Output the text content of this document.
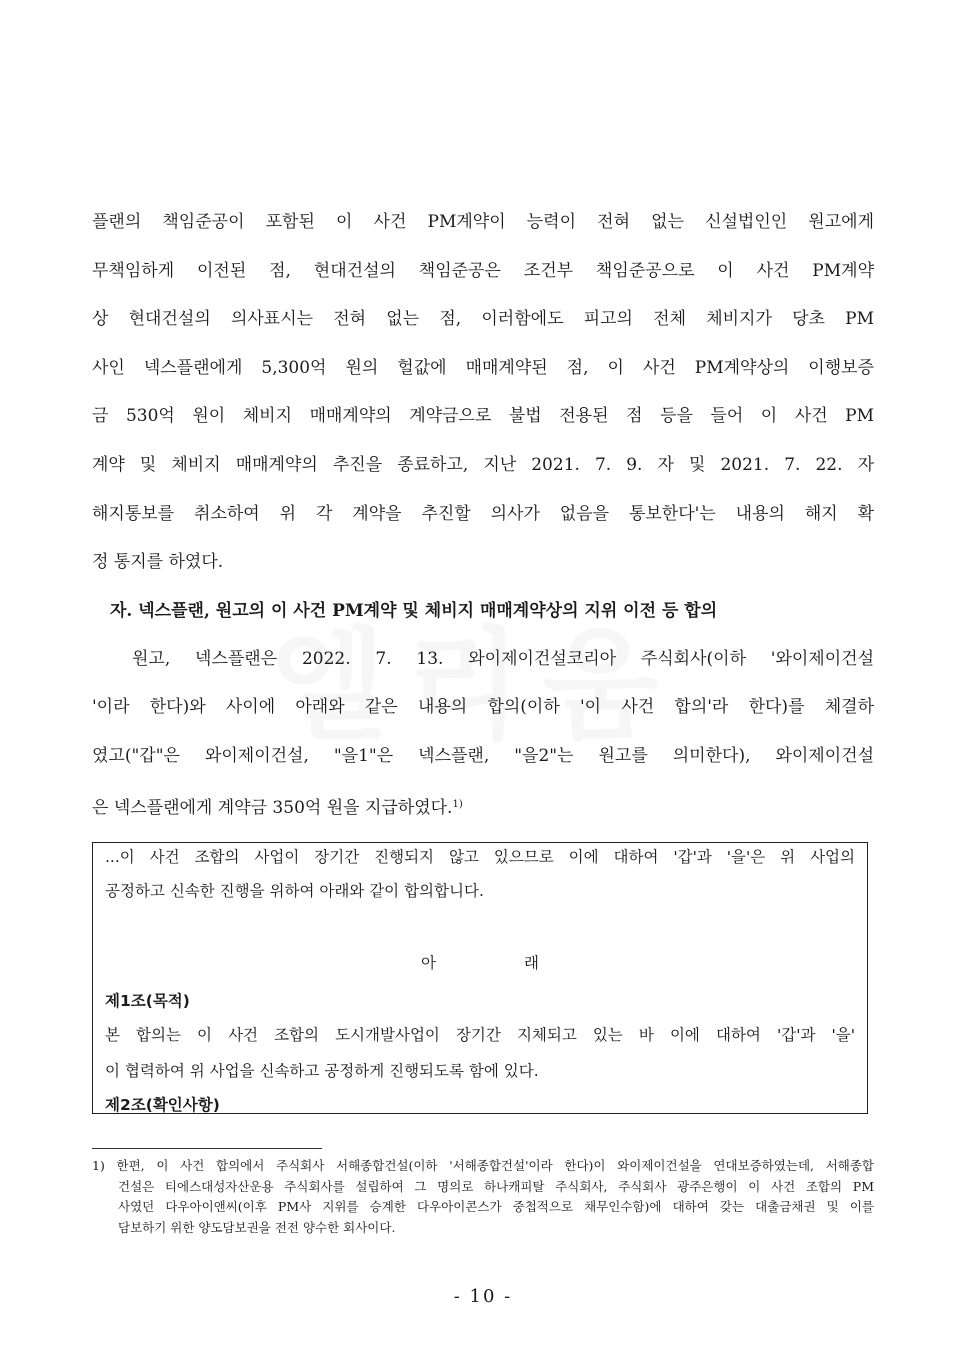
플랜의 책임준공이 포함된 이 사건 PM계약이 능력이 전혀 없는 신설법인인 원고에게
무책임하게 이전된 점, 현대건설의 책임준공은 조건부 책임준공으로 이 사건 PM계약
상 현대건설의 의사표시는 전혀 없는 점, 이러함에도 피고의 전체 체비지가 당초 PM
사인 넥스플랜에게 5,300억 원의 헐값에 매매계약된 점, 이 사건 PM계약상의 이행보증
금 530억 원이 체비지 매매계약의 계약금으로 불법 전용된 점 등을 들어 이 사건 PM
계약 및 체비지 매매계약의 추진을 종료하고, 지난 2021. 7. 9. 자 및 2021. 7. 22. 자
해지통보를 취소하여 위 각 계약을 추진할 의사가 없음을 통보한다'는 내용의 해지 확
정 통지를 하였다.

자. 넥스플랜, 원고의 이 사건 PM계약 및 체비지 매매계약상의 지위 이전 등 합의

원고, 넥스플랜은 2022. 7. 13. 와이제이건설코리아 주식회사(이하 '와이제이건설
'이라 한다)와 사이에 아래와 같은 내용의 합의(이하 '이 사건 합의'라 한다)를 체결하
였고("갑"은 와이제이건설, "을1"은 넥스플랜, "을2"는 원고를 의미한다), 와이제이건설
은 넥스플랜에게 계약금 350억 원을 지급하였다.$^{1)}$

...이 사건 조합의 사업이 장기간 진행되지 않고 있으므로 이에 대하여 '갑'과 '을'은 위 사업의
공정하고 신속한 진행을 위하여 아래와 같이 합의합니다.
아래
제1조(목적)
본 합의는 이 사건 조합의 도시개발사업이 장기간 지체되고 있는 바 이에 대하여 '갑'과 '을'
이 협력하여 위 사업을 신속하고 공정하게 진행되도록 함에 있다.
제2조(확인사항)
1) 한편, 이 사건 합의에서 주식회사 서해종합건설(이하 '서해종합건설'이라 한다)이 와이제이건설을 연대보증하였는데, 서해종합
건설은 티에스대성자산운용 주식회사를 설립하여 그 명의로 하나캐피탈 주식회사, 주식회사 광주은행이 이 사건 조합의 PM
사였던 다우아이앤씨(이후 PM사 지위를 승계한 다우아이콘스가 중첩적으로 채무인수함)에 대하여 갖는 대출금채권 및 이를
담보하기 위한 양도담보권을 전전 양수한 회사이다.
- 10 -
